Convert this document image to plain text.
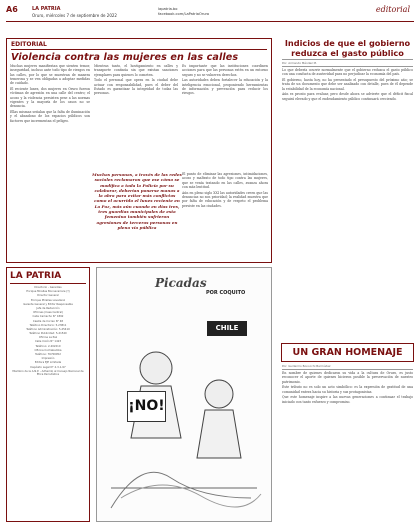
A6	LA PATRIA
Oruro, miércoles 7 de septiembre de 2022
lapatria.bo
facebook.com/LaPatriaOruro	editorial
EDITORIAL
Violencia contra las mujeres en las calles

Muchas mujeres manifiestan que sienten temor, inseguridad, incluso ante todo tipo de riesgos en las calles, por lo que se muestran de manera temerosa y se ven obligadas a adoptar medidas de cuidado.

El reciente lunes, dos mujeres en Oruro fueron víctimas de agresión en una calle del centro; el acoso y la violencia persisten pese a las normas vigentes y la mayoría de los casos no se denuncia.

Ellas mismas señalan que la falta de iluminación y el abandono de los espacios públicos son factores que incrementan el peligro.

Mientras tanto, el hostigamiento en calles y transporte continúa sin que existan sanciones ejemplares para quienes lo cometen.

Todo el personal que opera en la ciudad debe actuar con responsabilidad, pues el deber del Estado es garantizar la integridad de todas las personas.

Es importante que las instituciones coordinen acciones para que las personas estén en un entorno seguro y no se vulneren derechos.

Las autoridades deben fortalecer la educación y la inteligencia emocional, proponiendo herramientas de información y prevención para reducir los riesgos.

El punto de eliminar las agresiones, intimidaciones, acoso y maltrato de todo tipo contra las mujeres, que se venía tratando en las calles, avanza ahora con más lentitud.

Aún en pleno siglo XXI las autoridades creen que las denuncias no son prioridad; la realidad muestra que por falta de educación y de respeto el problema persiste en las ciudades.

Muchas personas, a través de las redes sociales reclamaron que ese cómo se modifica a toda la Policía por su colaborar, deberían ponerse manos a la obra para evitar más conflictos como el ocurrido el lunes reciente en La Paz, más aún cuando en días tres, tres guardias municipales de esta femenino también sufrieron agresiones de terceras personas en plena vía pública
LA PATRIA

Directorio - Gerentes

Enrique Miralles Bonnecarrere (†)

Director General

Enrique Miralles Lavadenz

Gerente General y Editor Responsable

Jefe de Redacción

Oficinas (Casa Central)

Calle Camacho N° 1892

Casilla de Correo N° 48

Teléfono Directorio: 5-23811

Teléfono Administración: 5-25410

Teléfono Publicidad: 5-21540

Oficina La Paz

Calle Colón N° 1423

Teléfono: 2-202210

Oficina Cochabamba

Teléfono: 76700052

Impresión

Editora EJE Limitada

Depósito Legal N° 4-3-1-97

Miembro de la A.N.P. - Adherido al Consejo Nacional de Ética Periodística

Picadas
POR COQUITO
CHILE
¡NO!
Indicios de que el gobierno reduzca el gasto público
Por: Armando Méndez M.

Lo que debería ocurrir normalmente que el gobierno reduzca el gasto público con una conducta de austeridad para no perjudicar la economía del país.

El gobierno, hasta hoy, no ha presentado el presupuesto del próximo año; se trata de un documento que debe ser analizado con detalle, pues de él depende la estabilidad de la economía nacional.

Aún es pronto para evaluar, pero desde ahora se advierte que el déficit fiscal seguirá elevado y que el endeudamiento público continuará creciendo.

UN GRAN HOMENAJE
Por: Guillermo Bonocchi Bermúdez

En nombre de quienes dedicaron su vida a la cultura de Oruro, es justo reconocer el aporte de quienes hicieron posible la preservación de nuestro patrimonio.

Este tributo no es solo un acto simbólico: es la expresión de gratitud de una comunidad entera hacia su historia y sus protagonistas.

Que este homenaje inspire a las nuevas generaciones a continuar el trabajo iniciado con tanto esfuerzo y compromiso.
